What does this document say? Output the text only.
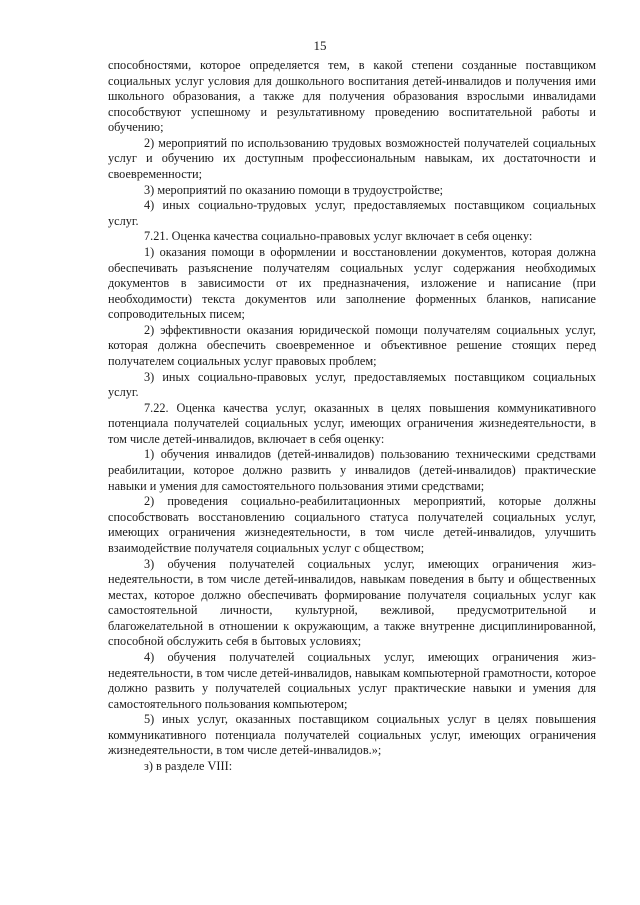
15

способностями, которое определяется тем, в какой степени созданные поставщиком социальных услуг условия для дошкольного воспитания детей-инвалидов и получения ими школьного образования, а также для получения образования взрослыми инвалидами способствуют успешному и результативному проведению воспитательной работы и обучению;

2) мероприятий по использованию трудовых возможностей получателей социальных услуг и обучению их доступным профессиональным навыкам, их достаточности и своевременности;

3) мероприятий по оказанию помощи в трудоустройстве;

4) иных социально-трудовых услуг, предоставляемых поставщиком социальных услуг.

7.21. Оценка качества социально-правовых услуг включает в себя оценку:

1) оказания помощи в оформлении и восстановлении документов, которая должна обеспечивать разъяснение получателям социальных услуг содержания необходимых документов в зависимости от их предназначения, изложение и написание (при необходимости) текста документов или заполнение форменных бланков, написание сопроводительных писем;

2) эффективности оказания юридической помощи получателям социальных услуг, которая должна обеспечить своевременное и объективное решение стоящих перед получателем социальных услуг правовых проблем;

3) иных социально-правовых услуг, предоставляемых поставщиком социальных услуг.

7.22. Оценка качества услуг, оказанных в целях повышения коммуникативного потенциала получателей социальных услуг, имеющих ограничения жизнедеятельности, в том числе детей-инвалидов, включает в себя оценку:

1) обучения инвалидов (детей-инвалидов) пользованию техническими средствами реабилитации, которое должно развить у инвалидов (детей-инвалидов) практические навыки и умения для самостоятельного пользования этими средствами;

2) проведения социально-реабилитационных мероприятий, которые должны способствовать восстановлению социального статуса получателей социальных услуг, имеющих ограничения жизнедеятельности, в том числе детей-инвалидов, улучшить взаимодействие получателя социальных услуг с обществом;

3) обучения получателей социальных услуг, имеющих ограничения жизнедеятельности, в том числе детей-инвалидов, навыкам поведения в быту и общественных местах, которое должно обеспечивать формирование получателя социальных услуг как самостоятельной личности, культурной, вежливой, предусмотрительной и благожелательной в отношении к окружающим, а также внутренне дисциплинированной, способной обслужить себя в бытовых условиях;

4) обучения получателей социальных услуг, имеющих ограничения жизнедеятельности, в том числе детей-инвалидов, навыкам компьютерной грамотности, которое должно развить у получателей социальных услуг практические навыки и умения для самостоятельного пользования компьютером;

5) иных услуг, оказанных поставщиком социальных услуг в целях повышения коммуникативного потенциала получателей социальных услуг, имеющих ограничения жизнедеятельности, в том числе детей-инвалидов.»;

з) в разделе VIII:
